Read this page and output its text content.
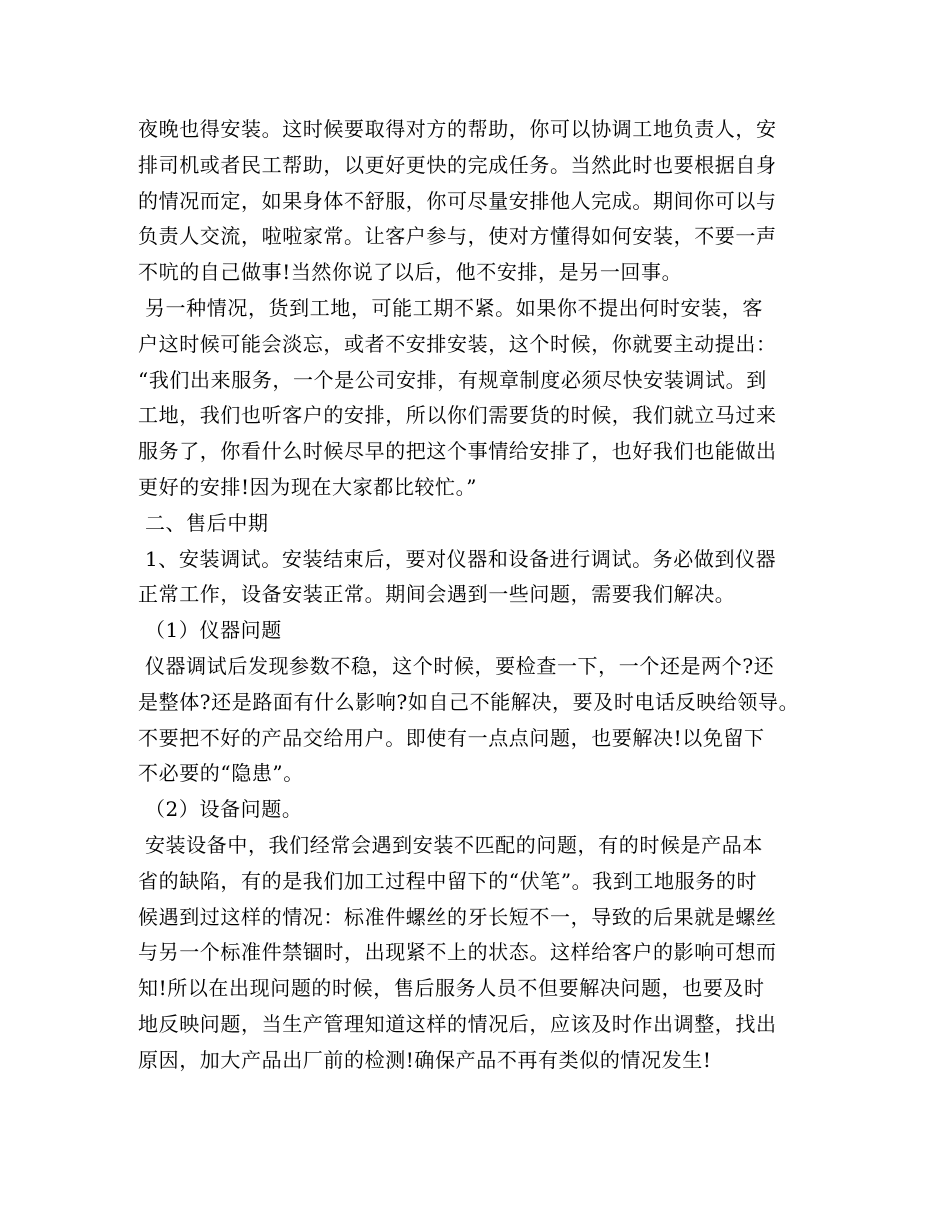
夜晚也得安装。这时候要取得对方的帮助，你可以协调工地负责人，安
排司机或者民工帮助，以更好更快的完成任务。当然此时也要根据自身
的情况而定，如果身体不舒服，你可尽量安排他人完成。期间你可以与
负责人交流，啦啦家常。让客户参与，使对方懂得如何安装，不要一声
不吭的自己做事!当然你说了以后，他不安排，是另一回事。
另一种情况，货到工地，可能工期不紧。如果你不提出何时安装，客
户这时候可能会淡忘，或者不安排安装，这个时候，你就要主动提出：
“我们出来服务，一个是公司安排，有规章制度必须尽快安装调试。到
工地，我们也听客户的安排，所以你们需要货的时候，我们就立马过来
服务了，你看什么时候尽早的把这个事情给安排了，也好我们也能做出
更好的安排!因为现在大家都比较忙。”
二、售后中期
1、安装调试。安装结束后，要对仪器和设备进行调试。务必做到仪器
正常工作，设备安装正常。期间会遇到一些问题，需要我们解决。
（1）仪器问题
仪器调试后发现参数不稳，这个时候，要检查一下，一个还是两个?还
是整体?还是路面有什么影响?如自己不能解决，要及时电话反映给领导。
不要把不好的产品交给用户。即使有一点点问题，也要解决!以免留下
不必要的“隐患”。
（2）设备问题。
安装设备中，我们经常会遇到安装不匹配的问题，有的时候是产品本
省的缺陷，有的是我们加工过程中留下的“伏笔”。我到工地服务的时
候遇到过这样的情况：标准件螺丝的牙长短不一，导致的后果就是螺丝
与另一个标准件禁锢时，出现紧不上的状态。这样给客户的影响可想而
知!所以在出现问题的时候，售后服务人员不但要解决问题，也要及时
地反映问题，当生产管理知道这样的情况后，应该及时作出调整，找出
原因，加大产品出厂前的检测!确保产品不再有类似的情况发生!
